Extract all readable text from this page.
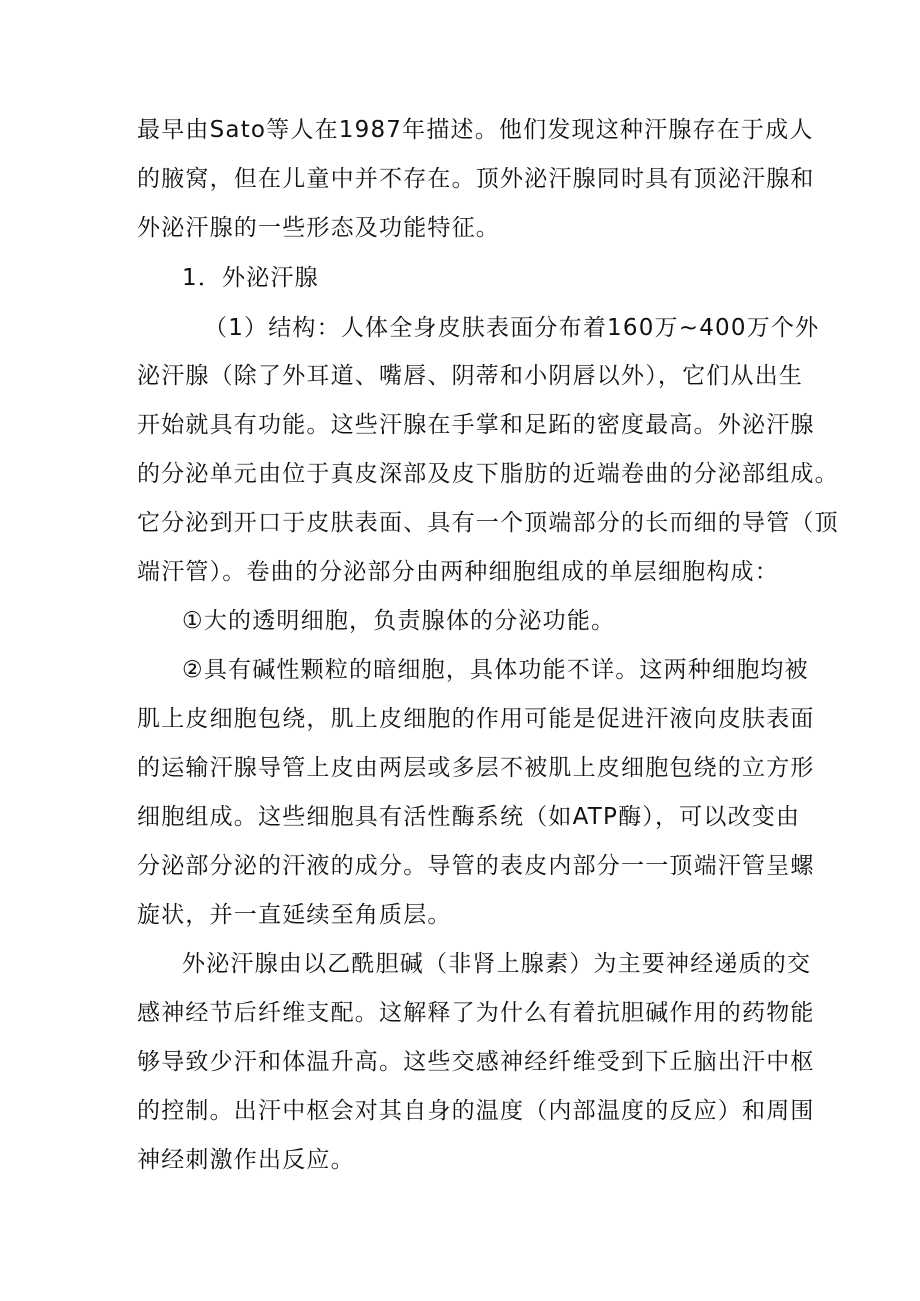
最早由Sato等人在1987年描述。他们发现这种汗腺存在于成人
的腋窝，但在儿童中并不存在。顶外泌汗腺同时具有顶泌汗腺和
外泌汗腺的一些形态及功能特征。
1．外泌汗腺
（1）结构：人体全身皮肤表面分布着160万~400万个外
泌汗腺（除了外耳道、嘴唇、阴蒂和小阴唇以外），它们从出生
开始就具有功能。这些汗腺在手掌和足跖的密度最高。外泌汗腺
的分泌单元由位于真皮深部及皮下脂肪的近端卷曲的分泌部组成。
它分泌到开口于皮肤表面、具有一个顶端部分的长而细的导管（顶
端汗管）。卷曲的分泌部分由两种细胞组成的单层细胞构成：
①大的透明细胞，负责腺体的分泌功能。
②具有碱性颗粒的暗细胞，具体功能不详。这两种细胞均被
肌上皮细胞包绕，肌上皮细胞的作用可能是促进汗液向皮肤表面
的运输汗腺导管上皮由两层或多层不被肌上皮细胞包绕的立方形
细胞组成。这些细胞具有活性酶系统（如ATP酶），可以改变由
分泌部分泌的汗液的成分。导管的表皮内部分一一顶端汗管呈螺
旋状，并一直延续至角质层。
外泌汗腺由以乙酰胆碱（非肾上腺素）为主要神经递质的交
感神经节后纤维支配。这解释了为什么有着抗胆碱作用的药物能
够导致少汗和体温升高。这些交感神经纤维受到下丘脑出汗中枢
的控制。出汗中枢会对其自身的温度（内部温度的反应）和周围
神经刺激作出反应。
